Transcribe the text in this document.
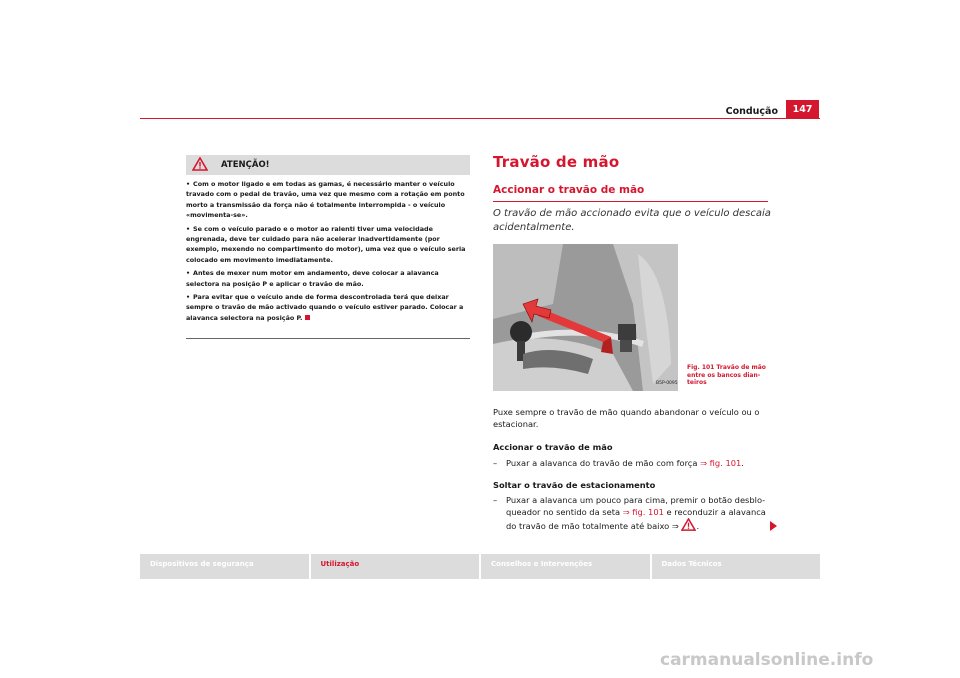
Condução	147
ATENÇÃO!
• Com o motor ligado e em todas as gamas, é necessário manter o veículo travado com o pedal de travão, uma vez que mesmo com a rotação em ponto morto a transmissão da força não é totalmente interrompida - o veículo «movimenta-se».
• Se com o veículo parado e o motor ao ralenti tiver uma velocidade engrenada, deve ter cuidado para não acelerar inadvertidamente (por exemplo, mexendo no compartimento do motor), uma vez que o veículo seria colocado em movimento imediatamente.
• Antes de mexer num motor em andamento, deve colocar a alavanca selectora na posição P e aplicar o travão de mão.
• Para evitar que o veículo ande de forma descontrolada terá que deixar sempre o travão de mão activado quando o veículo estiver parado. Colocar a alavanca selectora na posição P.
Travão de mão
Accionar o travão de mão
O travão de mão accionado evita que o veículo descaia acidentalmente.
B5P-0095
Fig. 101 Travão de mão entre os bancos dian-teiros
Puxe sempre o travão de mão quando abandonar o veículo ou o estacionar.
Accionar o travão de mão
– Puxar a alavanca do travão de mão com força ⇒ fig. 101.
Soltar o travão de estacionamento
–	Puxar a alavanca um pouco para cima, premir o botão desblo-queador no sentido da seta ⇒ fig. 101 e reconduzir a alavanca do travão de mão totalmente até baixo ⇒ .
Dispositivos de segurança	Utilização	Conselhos e Intervenções	Dados Técnicos
carmanualsonline.info
